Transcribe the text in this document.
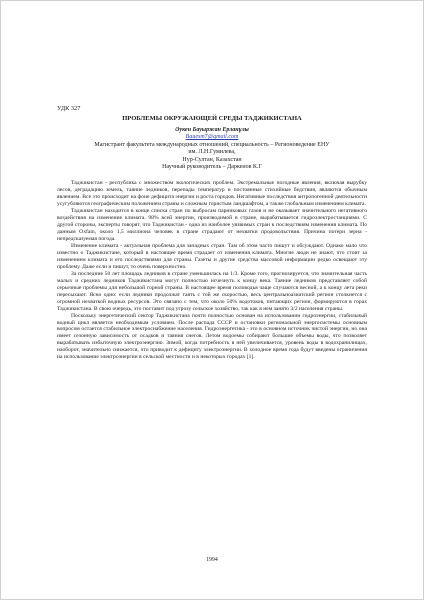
УДК 327
ПРОБЛЕМЫ ОКРУЖАЮЩЕЙ СРЕДЫ ТАДЖИКИСТАНА
Әукен Бауыржан Ерланұлы
Bauesm7@gmail.com
Магистрант факультета международных отношений, специальность – Регионоведение ЕНУ
им. Л.Н.Гумилева,
Нур-Султан, Казахстан
Научный руководитель – Даркенов К.Г

Таджикистан - республика с множеством экологических проблем. Экстремальные погодные явления, включая вырубку лесов, деградацию земель, таяние ледников, перепады температур и постоянные стихийные бедствия, являются обычным явлением. Все это происходит на фоне дефицита энергии и роста городов. Негативные последствия антропогенной деятельности усугубляются географическим положением страны и сложным гористым ландшафтом, а также глобальным изменением климата.

Таджикистан находится в конце списка стран по выбросам парниковых газов и не оказывает значительного негативного воздействия на изменение климата. 98% всей энергии, производимой в стране, вырабатывается гидроэлектростанциями. С другой стороны, эксперты говорят, что Таджикистан - одна из наиболее уязвимых стран к последствиям изменения климата. По данным Oxfam, около 1,5 миллиона человек в стране страдают от нехватки продовольствия. Причина потери зерна - непредсказуемая погода.

Изменение климата - актуальная проблема для западных стран. Там об этом часто пишут и обсуждают. Однако мало что известно о Таджикистане, который в настоящее время страдает от изменения климата. Многие люди не знают, что стоит за изменением климата и его последствиями для страны. Газеты и другие средства массовой информации редко освещают эту проблему. Даже если и пишут, то очень поверхностно.

За последние 50 лет площадь ледников в стране уменьшилась на 1/3. Кроме того, прогнозируется, что значительная часть малых и средних ледников Таджикистана могут полностью исчезнуть к концу века. Таяние ледников представляет собой серьезные проблемы для небольшой горной страны. В настоящее время половодья чаще случаются весной, а к концу лета реки пересыхают. Ясно одно: если ледники продолжат таять с той же скоростью, весь центральноазиатский регион столкнется с огромной нехваткой водных ресурсов. Это связано с тем, что около 50% водотоков, питающих регион, формируются в горах Таджикистана. В свою очередь, это поставит под угрозу сельское хозяйство, так как в нем занято 3/2 населения страны.

Поскольку энергетический сектор Таджикистана почти полностью основан на использовании гидроэнергии, стабильный водный цикл является необходимым условием. После распада СССР и остановки региональной энергосистемы основным вопросом остается стабильное электроснабжение населения. Гидроэнергетика - это в основном источник чистой энергии, но она имеет сезонную зависимость от осадков и таяния снегов. Летом водоемы собирают большие объемы воды, что позволяет вырабатывать избыточную электроэнергию. Зимой, когда потребность в ней увеличивается, уровень воды в водохранилищах, наоборот, значительно снижается, что приводит к дефициту электроэнергии. В холодное время года будут введены ограничения на использование электроэнергии в сельской местности и в некоторых городах [1].

1994
